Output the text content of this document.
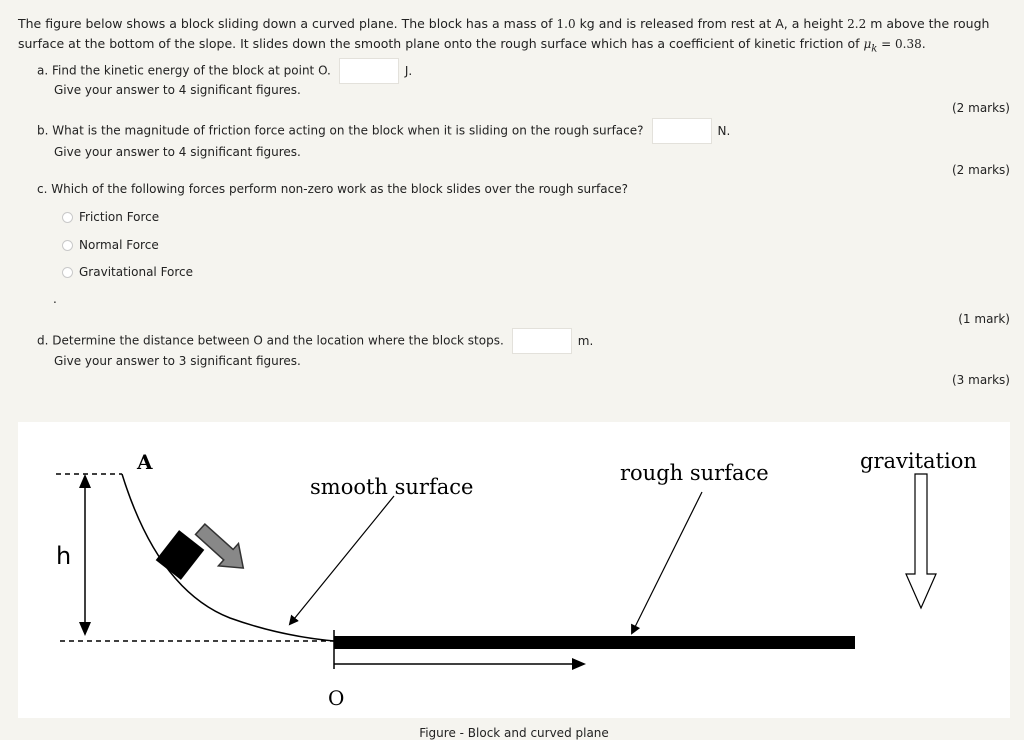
The figure below shows a block sliding down a curved plane. The block has a mass of 1.0 kg and is released from rest at A, a height 2.2 m above the rough surface at the bottom of the slope. It slides down the smooth plane onto the rough surface which has a coefficient of kinetic friction of $\mu_k = 0.38$.
a. Find the kinetic energy of the block at point O.	J.
Give your answer to 4 significant figures.
(2 marks)
b. What is the magnitude of friction force acting on the block when it is sliding on the rough surface?	N.
Give your answer to 4 significant figures.
(2 marks)
c. Which of the following forces perform non-zero work as the block slides over the rough surface?
Friction Force
Normal Force
Gravitational Force
.
(1 mark)
d. Determine the distance between O and the location where the block stops.	m.
Give your answer to 3 significant figures.
(3 marks)
A
h
O
smooth surface
rough surface	gravitation
Figure - Block and curved plane
